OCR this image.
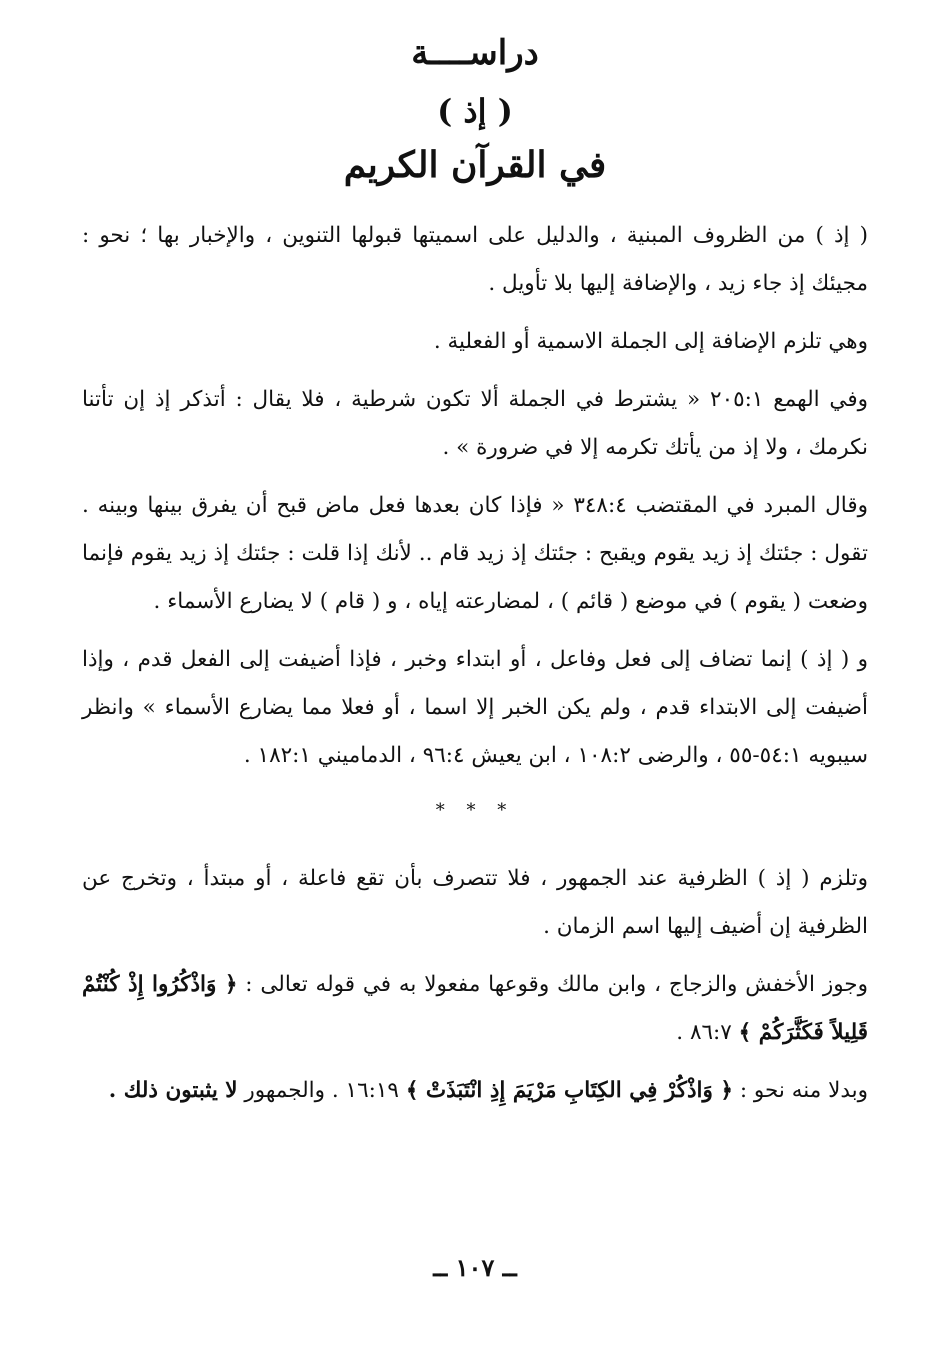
دراســــة
( إذ )
في القرآن الكريم

( إذ ) من الظروف المبنية ، والدليل على اسميتها قبولها التنوين ، والإخبار بها ؛ نحو : مجيئك إذ جاء زيد ، والإضافة إليها بلا تأويل .

وهي تلزم الإضافة إلى الجملة الاسمية أو الفعلية .

وفي الهمع ٢٠٥:١ « يشترط في الجملة ألا تكون شرطية ، فلا يقال : أتذكر إذ إن تأتنا نكرمك ، ولا إذ من يأتك تكرمه إلا في ضرورة » .

وقال المبرد في المقتضب ٣٤٨:٤ « فإذا كان بعدها فعل ماض قبح أن يفرق بينها وبينه . تقول : جئتك إذ زيد يقوم ويقبح : جئتك إذ زيد قام .. لأنك إذا قلت : جئتك إذ زيد يقوم فإنما وضعت ( يقوم ) في موضع ( قائم ) ، لمضارعته إياه ، و ( قام ) لا يضارع الأسماء .

و ( إذ ) إنما تضاف إلى فعل وفاعل ، أو ابتداء وخبر ، فإذا أضيفت إلى الفعل قدم ، وإذا أضيفت إلى الابتداء قدم ، ولم يكن الخبر إلا اسما ، أو فعلا مما يضارع الأسماء » وانظر سيبويه ٥٤:١-٥٥ ، والرضى ١٠٨:٢ ، ابن يعيش ٩٦:٤ ، الدماميني ١٨٢:١ .

* * *

وتلزم ( إذ ) الظرفية عند الجمهور ، فلا تتصرف بأن تقع فاعلة ، أو مبتدأ ، وتخرج عن الظرفية إن أضيف إليها اسم الزمان .

وجوز الأخفش والزجاج ، وابن مالك وقوعها مفعولا به في قوله تعالى : ﴿ وَاذْكُرُوا إِذْ كُنْتُمْ قَلِيلاً فَكَثَّرَكُمْ ﴾ ٨٦:٧ .

وبدلا منه نحو : ﴿ وَاذْكُرْ فِي الكِتَابِ مَرْيَمَ إِذِ انْتَبَذَتْ ﴾ ١٦:١٩ . والجمهور لا يثبتون ذلك .

ــ ١٠٧ ــ
